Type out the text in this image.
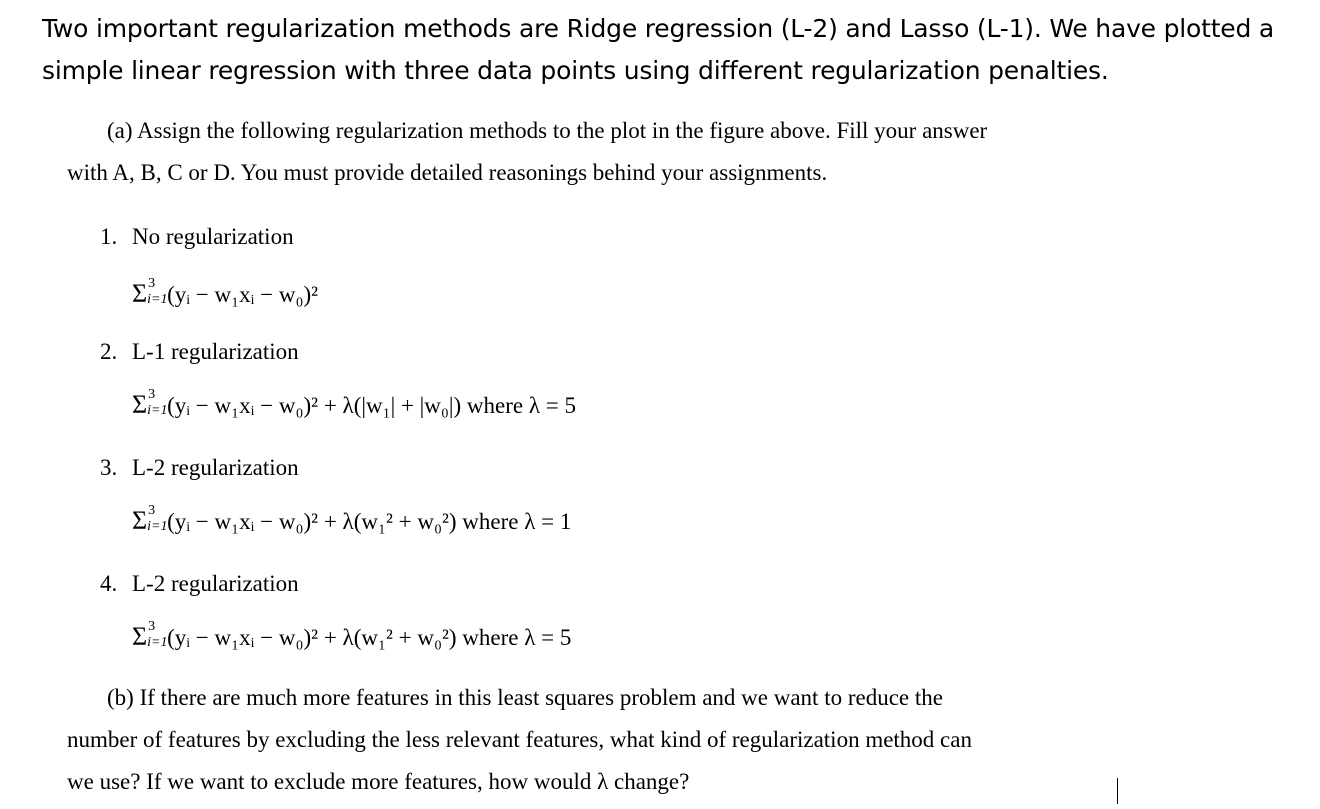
Two important regularization methods are Ridge regression (L-2) and Lasso (L-1). We have plotted a simple linear regression with three data points using different regularization penalties.

(a) Assign the following regularization methods to the plot in the figure above. Fill your answer
with A, B, C or D. You must provide detailed reasonings behind your assignments.
1. No regularization
Σ 3
i=1 (yᵢ − w₁xᵢ − w₀)²
2. L-1 regularization
Σ 3
i=1 (yᵢ − w₁xᵢ − w₀)² + λ(|w₁| + |w₀|) where λ = 5
3. L-2 regularization
Σ 3
i=1 (yᵢ − w₁xᵢ − w₀)² + λ(w₁² + w₀²) where λ = 1
4. L-2 regularization
Σ 3
i=1 (yᵢ − w₁xᵢ − w₀)² + λ(w₁² + w₀²) where λ = 5
(b) If there are much more features in this least squares problem and we want to reduce the
number of features by excluding the less relevant features, what kind of regularization method can
we use? If we want to exclude more features, how would λ change?
